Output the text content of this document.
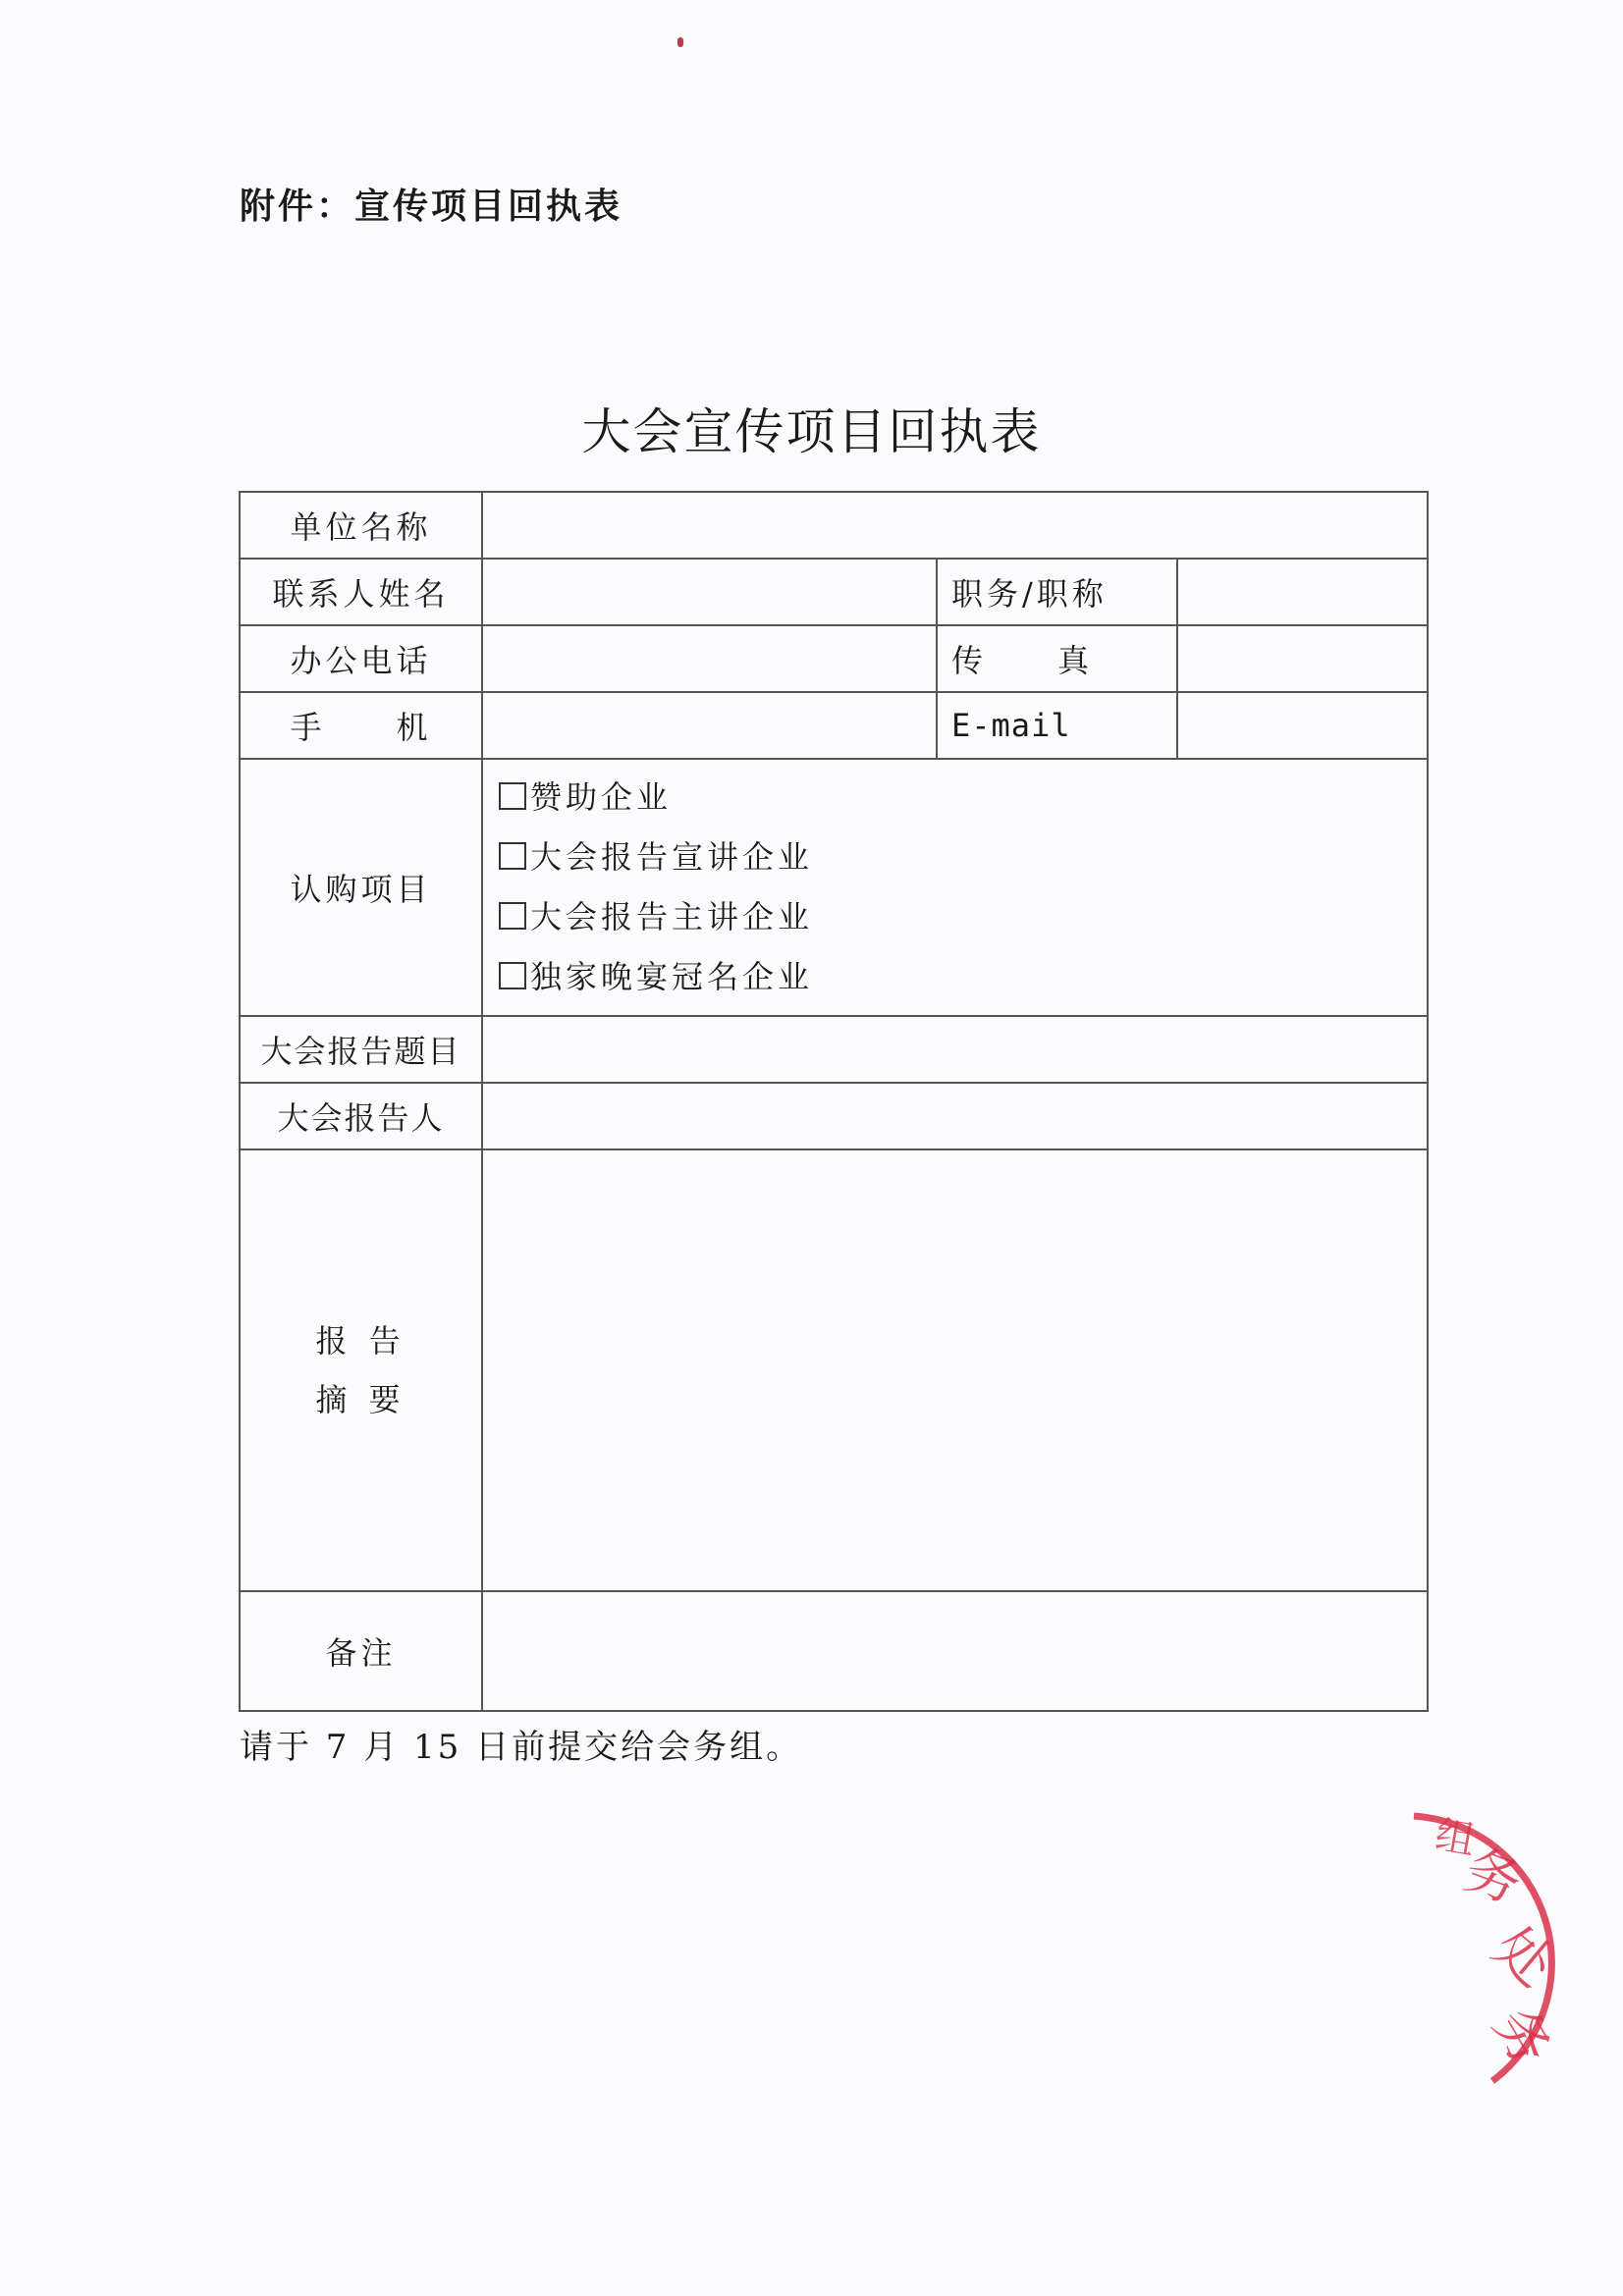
附件：宣传项目回执表
大会宣传项目回执表
单位名称			
联系人姓名		职务/职称	
办公电话		传 真	
手 机		E-mail	
认购项目	赞助企业
大会报告宣讲企业
大会报告主讲企业
独家晚宴冠名企业		

大会报告题目			
大会报告人			

报 告
摘 要			

备注			
请于 7 月 15 日前提交给会务组。
务
处
务
组
